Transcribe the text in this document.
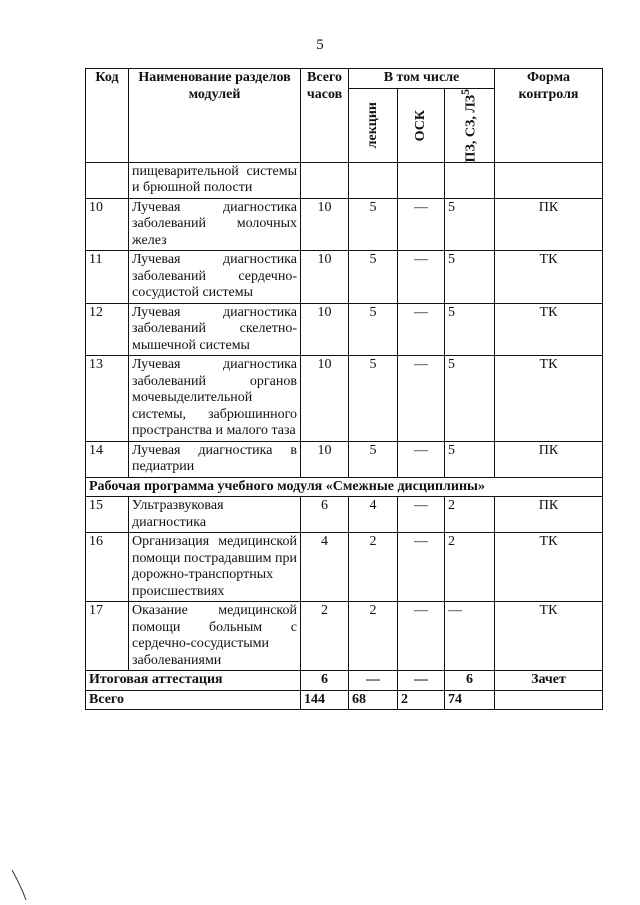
5
Код	Наименование разделов модулей	Всего часов	В том числе			Форма контроля

			лекции	ОСК	ПЗ, СЗ, $ЛЗ^5$

	пищеварительной системы и брюшной полости					
10	Лучевая диагностика заболеваний молочных желез	10	5	—	5	ПК
11	Лучевая диагностика заболеваний сердечно-сосудистой системы	10	5	—	5	ТК
12	Лучевая диагностика заболеваний скелетно-мышечной системы	10	5	—	5	ТК
13	Лучевая диагностика заболеваний органов мочевыделительной системы, забрюшинного пространства и малого таза	10	5	—	5	ТК
14	Лучевая диагностика в педиатрии	10	5	—	5	ПК
Рабочая программа учебного модуля «Смежные дисциплины»						
15	Ультразвуковая диагностика	6	4	—	2	ПК
16	Организация медицинской помощи пострадавшим при дорожно-транспортных происшествиях	4	2	—	2	ТК
17	Оказание медицинской помощи больным с сердечно-сосудистыми заболеваниями	2	2	—	—	ТК
Итоговая аттестация		6	—	—	6	Зачет
Всего		144	68	2	74	
